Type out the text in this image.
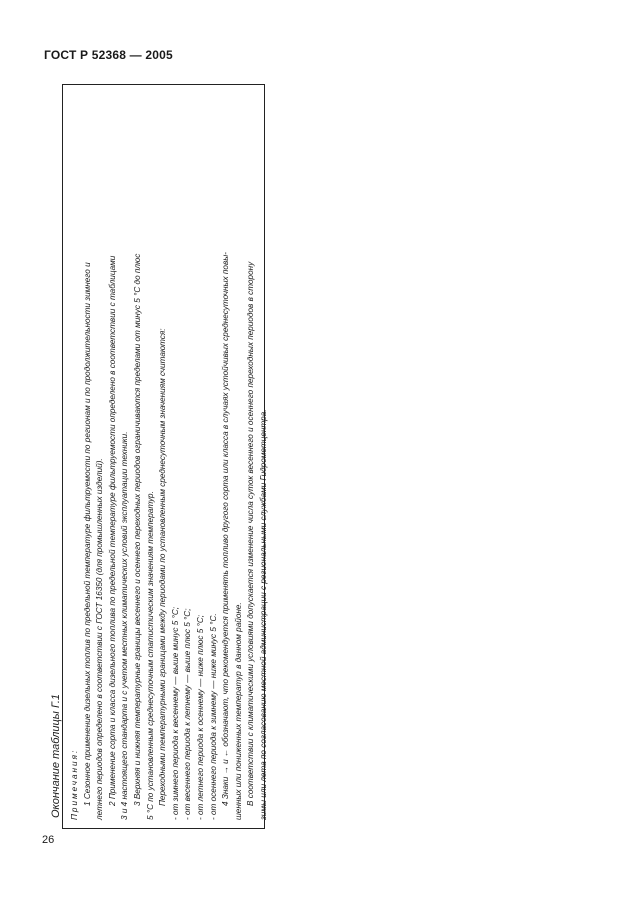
ГОСТ Р 52368 — 2005
Окончание таблицы Г.1 Примечания: 1 Сезонное применение дизельных топлив по предельной температуре фильтруемости по регионам и по продолжительности зимнего и летнего периодов определено в соответствии с ГОСТ 16350 (для промышленных изделий). 2 Применение сорта и класса дизельного топлива по предельной температуре фильтруемости определено в соответствии с таблицами 3 и 4 настоящего стандарта и с учетом местных климатических условий эксплуатации техники. 3 Верхняя и нижняя температурные границы весеннего и осеннего переходных периодов ограничиваются пределами от минус 5 °С до плюс 5 °С по установленным среднесуточным статистическим значениям температур. Переходными температурными границами между периодами по установленным среднесуточным значениям считаются: - от зимнего периода к весеннему — выше минус 5 °С; - от весеннего периода к летнему — выше плюс 5 °С; - от летнего периода к осеннему — ниже плюс 5 °С; - от осеннего периода к зимнему — ниже минус 5 °С. 4 Знаки → и ← обозначают, что рекомендуется применять топливо другого сорта или класса в случаях устойчивых среднесуточных повы- шенных или пониженных температур в данном районе. В соответствии с климатическими условиями допускается изменение числа суток весеннего и осеннего переходных периодов в сторону зимы или лета по согласованию местной администрации с региональными службами Гидрометцентра.

26
